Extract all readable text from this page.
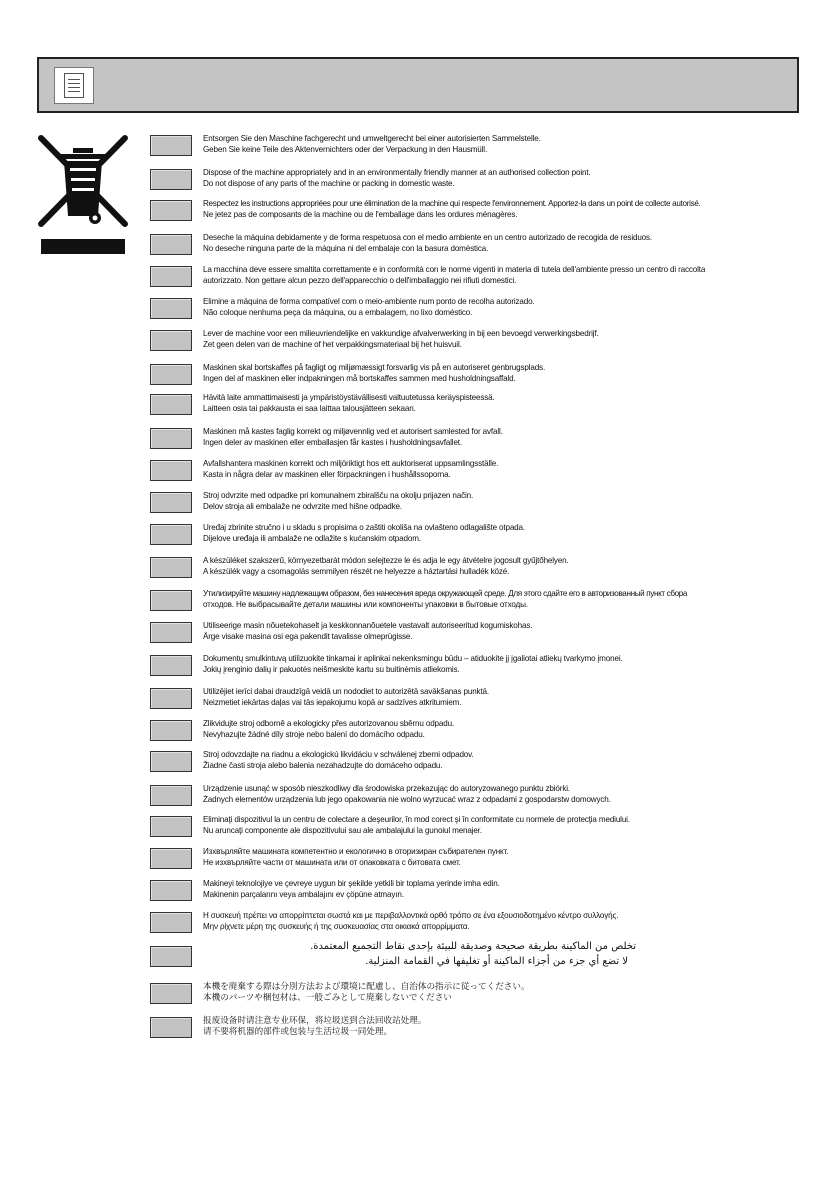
Entsorgen Sie den Maschine fachgerecht und umweltgerecht bei einer autorisierten Sammelstelle.
Geben Sie keine Teile des Aktenvernichters oder der Verpackung in den Hausmüll.
Dispose of the machine appropriately and in an environmentally friendly manner at an authorised collection point.
Do not dispose of any parts of the machine or packing in domestic waste.
Respectez les instructions appropriées pour une élimination de la machine qui respecte l'environnement. Apportez-la dans un point de collecte autorisé.
Ne jetez pas de composants de la machine ou de l'emballage dans les ordures ménagères.
Deseche la máquina debidamente y de forma respetuosa con el medio ambiente en un centro autorizado de recogida de residuos.
No deseche ninguna parte de la máquina ni del embalaje con la basura doméstica.
La macchina deve essere smaltita correttamente e in conformità con le norme vigenti in materia di tutela dell'ambiente presso un centro di raccolta
autorizzato. Non gettare alcun pezzo dell'apparecchio o dell'imballaggio nei rifiuti domestici.
Elimine a máquina de forma compatível com o meio-ambiente num ponto de recolha autorizado.
Não coloque nenhuma peça da máquina, ou a embalagem, no lixo doméstico.
Lever de machine voor een milieuvriendelijke en vakkundige afvalverwerking in bij een bevoegd verwerkingsbedrijf.
Zet geen delen van de machine of het verpakkingsmateriaal bij het huisvuil.
Maskinen skal bortskaffes på fagligt og miljømæssigt forsvarlig vis på en autoriseret genbrugsplads.
Ingen del af maskinen eller indpakningen må bortskaffes sammen med husholdningsaffald.
Hävitä laite ammattimaisesti ja ympäristöystävällisesti valtuutetussa keräyspisteessä.
Laitteen osia tai pakkausta ei saa laittaa talousjätteen sekaan.
Maskinen må kastes faglig korrekt og miljøvennlig ved et autorisert samlested for avfall.
Ingen deler av maskinen eller emballasjen får kastes i husholdningsavfallet.
Avfallshantera maskinen korrekt och miljöriktigt hos ett auktoriserat uppsamlingsställe.
Kasta in några delar av maskinen eller förpackningen i hushållssoporna.
Stroj odvrzite med odpadke pri komunalnem zbiralšču na okolju prijazen način.
Delov stroja ali embalaže ne odvrzite med hišne odpadke.
Uređaj zbrinite stručno i u skladu s propisima o zaštiti okoliša na ovlašteno odlagalište otpada.
Dijelove uređaja ili ambalaže ne odlažite s kućanskim otpadom.
A készüléket szakszerű, környezetbarát módon selejtezze le és adja le egy átvételre jogosult gyűjtőhelyen.
A készülék vagy a csomagolás semmilyen részét ne helyezze a háztartási hulladék közé.
Утилизируйте машину надлежащим образом, без нанесения вреда окружающей среде. Для этого сдайте его в авторизованный пункт сбора
отходов. Не выбрасывайте детали машины или компоненты упаковки в бытовые отходы.
Utiliseerige masin nõuetekohaselt ja keskkonnanõuetele vastavalt autoriseeritud kogumiskohas.
Ärge visake masina osi ega pakendit tavalisse olmeprügisse.
Dokumentų smulkintuvą utilizuokite tinkamai ir aplinkai nekenksmingu būdu – atiduokite jį įgaliotai atliekų tvarkymo įmonei.
Jokių įrenginio dalių ir pakuotės neišmeskite kartu su buitinėmis atliekomis.
Utilizējiet ierīci dabai draudzīgā veidā un nododiet to autorizētā savākšanas punktā.
Neizmetiet iekārtas daļas vai tās iepakojumu kopā ar sadzīves atkritumiem.
Zlikvidujte stroj odborně a ekologicky přes autorizovanou sběrnu odpadu.
Nevyhazujte žádné díly stroje nebo balení do domácího odpadu.
Stroj odovzdajte na riadnu a ekologickú likvidáciu v schválenej zberni odpadov.
Žiadne časti stroja alebo balenia nezahadzujte do domáceho odpadu.
Urządzenie usunąć w sposób nieszkodliwy dla środowiska przekazując do autoryzowanego punktu zbiórki.
Żadnych elementów urządzenia lub jego opakowania nie wolno wyrzucać wraz z odpadami z gospodarstw domowych.
Eliminaţi dispozitivul la un centru de colectare a deşeurilor, în mod corect şi în conformitate cu normele de protecţia mediului.
Nu aruncaţi componente ale dispozitivului sau ale ambalajului la gunoiul menajer.
Изхвърляйте машината компетентно и екологично в оторизиран събирателен пункт.
Не изхвърляйте части от машината или от опаковката с битовата смет.
Makineyi teknolojiye ve çevreye uygun bir şekilde yetkili bir toplama yerinde imha edin.
Makinenin parçalarını veya ambalajını ev çöpüne atmayın.
Η συσκευή πρέπει να απορρίπτεται σωστά και με περιβαλλοντικά ορθό τρόπο σε ένα εξουσιοδοτημένο κέντρο συλλογής.
Μην ρίχνετε μέρη της συσκευής ή της συσκευασίας στα οικιακά απορρίμματα.
تخلص من الماكينة بطريقة صحيحة وصديقة للبيئة بإحدى نقاط التجميع المعتمدة.
لا تضع أي جزء من أجزاء الماكينة أو تغليفها في القمامة المنزلية.
本機を廃棄する際は分別方法および環境に配慮し、自治体の指示に従ってください。
本機のパーツや梱包材は、一般ごみとして廃棄しないでください
报废设备时请注意专业环保，将垃圾送到合法回收站处理。
请不要将机器的部件或包装与生活垃圾一同处理。
